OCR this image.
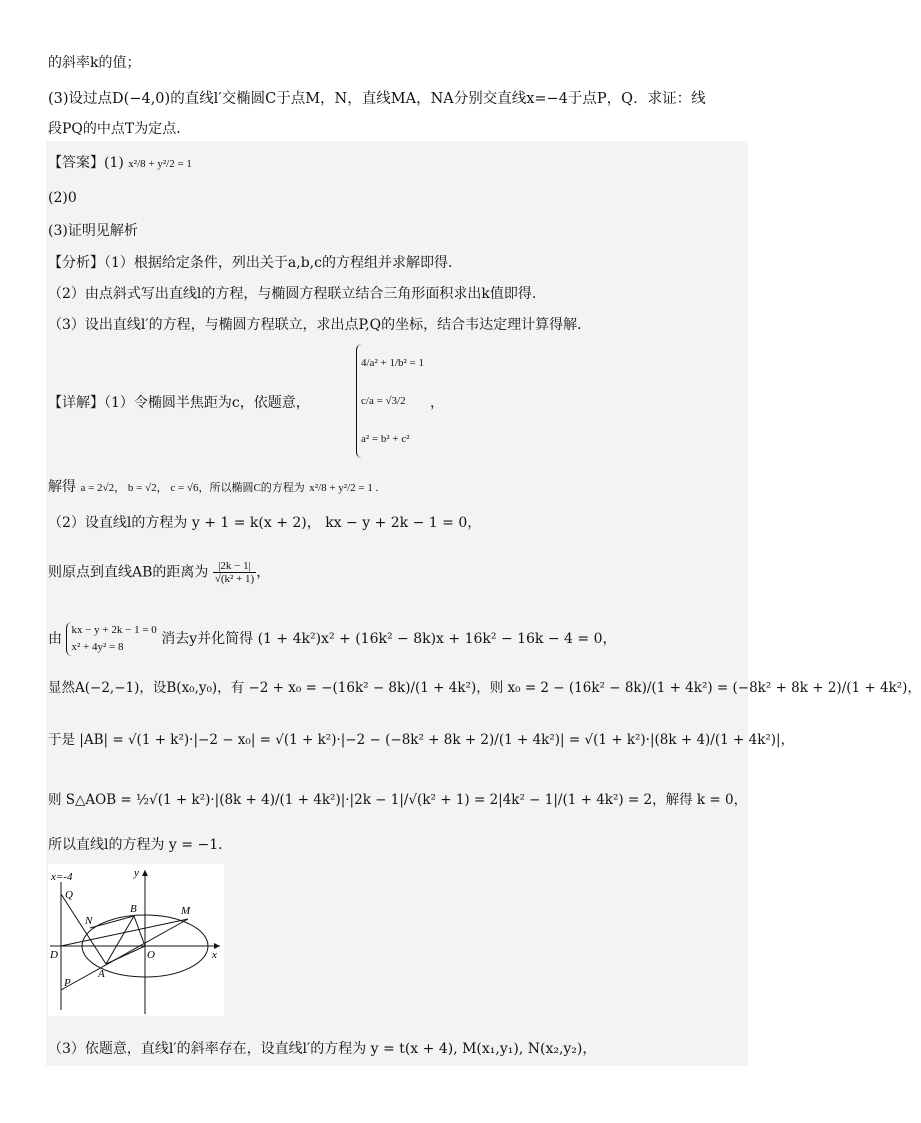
的斜率k的值；
(3)设过点D(−4,0)的直线l′交椭圆C于点M，N，直线MA，NA分别交直线x=−4于点P，Q．求证：线
段PQ的中点T为定点．
【答案】(1) x²/8 + y²/2 = 1
(2)0
(3)证明见解析
【分析】（1）根据给定条件，列出关于a,b,c的方程组并求解即得．
（2）由点斜式写出直线l的方程，与椭圆方程联立结合三角形面积求出k值即得．
（3）设出直线l′的方程，与椭圆方程联立，求出点P,Q的坐标，结合韦达定理计算得解．
【详解】（1）令椭圆半焦距为c，依题意，
4/a² + 1/b² = 1
c/a = √3/2
a² = b² + c²
，
解得 a = 2√2， b = √2， c = √6，所以椭圆C的方程为 x²/8 + y²/2 = 1 .
（2）设直线l的方程为 y + 1 = k(x + 2)， kx − y + 2k − 1 = 0，
则原点到直线AB的距离为 $\frac{|2k - 1|}{\text{√(k² + 1)}}$ ，
由
kx − y + 2k − 1 = 0
x² + 4y² = 8	消去y并化简得 (1 + 4k²)x² + (16k² − 8k)x + 16k² − 16k − 4 = 0，
显然A(−2,−1)，设B(x₀,y₀)，有 −2 + x₀ = −(16k² − 8k)/(1 + 4k²)，则 x₀ = 2 − (16k² − 8k)/(1 + 4k²) = (−8k² + 8k + 2)/(1 + 4k²)，
于是 |AB| = √(1 + k²)·|−2 − x₀| = √(1 + k²)·|−2 − (−8k² + 8k + 2)/(1 + 4k²)| = √(1 + k²)·|(8k + 4)/(1 + 4k²)|，
则 S△AOB = ½√(1 + k²)·|(8k + 4)/(1 + 4k²)|·|2k − 1|/√(k² + 1) = 2|4k² − 1|/(1 + 4k²) = 2，解得 k = 0，
所以直线l的方程为 y = −1．
x=-4	y
Q
B	M
N
D	O	x
A
P
（3）依题意，直线l′的斜率存在，设直线l′的方程为 y = t(x + 4), M(x₁,y₁), N(x₂,y₂)，
